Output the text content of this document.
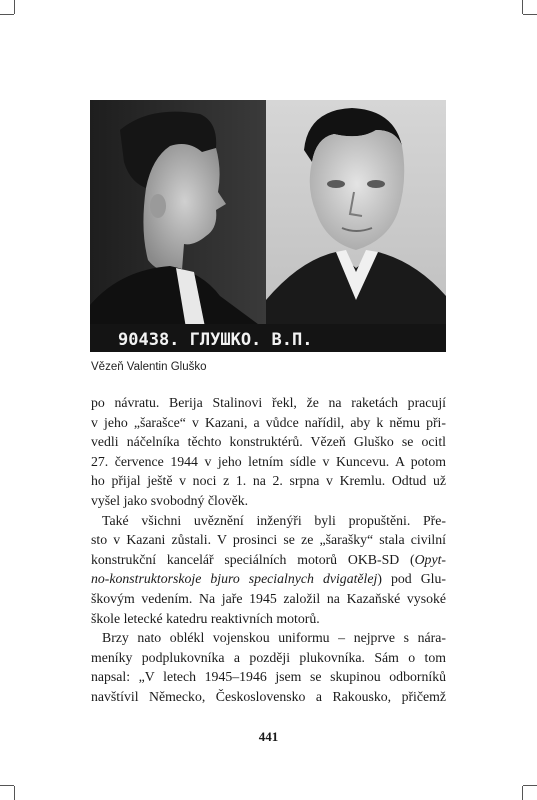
90438. ГЛУШКО. В.П.
Vězeň Valentin Gluško

po návratu. Berija Stalinovi řekl, že na raketách pracují

v jeho „šarašce“ v Kazani, a vůdce nařídil, aby k němu při-

vedli náčelníka těchto konstruktérů. Vězeň Gluško se ocitl

27. července 1944 v jeho letním sídle v Kuncevu. A potom

ho přijal ještě v noci z 1. na 2. srpna v Kremlu. Odtud už

vyšel jako svobodný člověk.

Také všichni uvěznění inženýři byli propuštěni. Pře-

sto v Kazani zůstali. V prosinci se ze „šarašky“ stala civilní

konstrukční kancelář speciálních motorů OKB-SD (Opyt-

no-konstruktorskoje bjuro specialnych dvigatělej) pod Glu-

škovým vedením. Na jaře 1945 založil na Kazaňské vysoké

škole letecké katedru reaktivních motorů.

Brzy nato oblékl vojenskou uniformu – nejprve s nára-

meníky podplukovníka a později plukovníka. Sám o tom

napsal: „V letech 1945–1946 jsem se skupinou odborníků

navštívil Německo, Československo a Rakousko, přičemž

441
